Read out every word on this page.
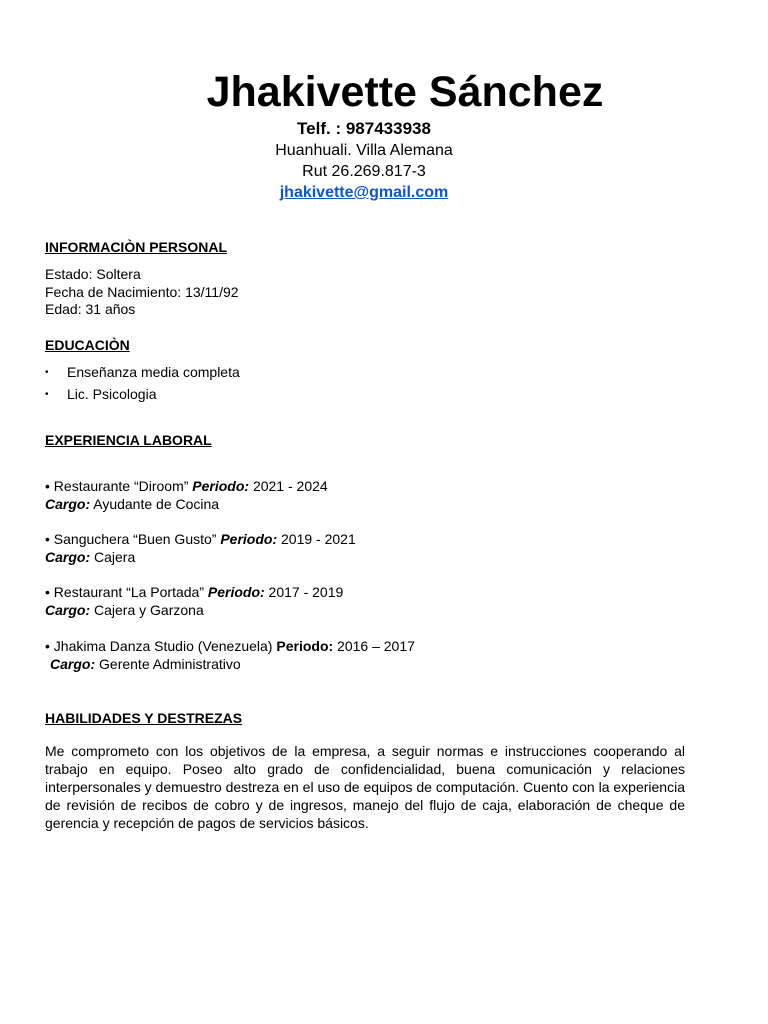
Jhakivette Sánchez
Telf. : 987433938
Huanhuali. Villa Alemana
Rut 26.269.817-3
jhakivette@gmail.com
INFORMACIÒN PERSONAL
Estado: Soltera
Fecha de Nacimiento: 13/11/92
Edad: 31 años
EDUCACIÒN
• Enseñanza media completa
• Lic. Psicologia
EXPERIENCIA LABORAL
• Restaurante “Diroom” Periodo: 2021 - 2024
Cargo: Ayudante de Cocina
• Sanguchera “Buen Gusto” Periodo: 2019 - 2021
Cargo: Cajera
• Restaurant “La Portada” Periodo: 2017 - 2019
Cargo: Cajera y Garzona
• Jhakima Danza Studio (Venezuela) Periodo: 2016 – 2017
Cargo: Gerente Administrativo
HABILIDADES Y DESTREZAS
Me comprometo con los objetivos de la empresa, a seguir normas e instrucciones cooperando al trabajo en equipo. Poseo alto grado de confidencialidad, buena comunicación y relaciones interpersonales y demuestro destreza en el uso de equipos de computación. Cuento con la experiencia de revisión de recibos de cobro y de ingresos, manejo del flujo de caja, elaboración de cheque de gerencia y recepción de pagos de servicios básicos.
